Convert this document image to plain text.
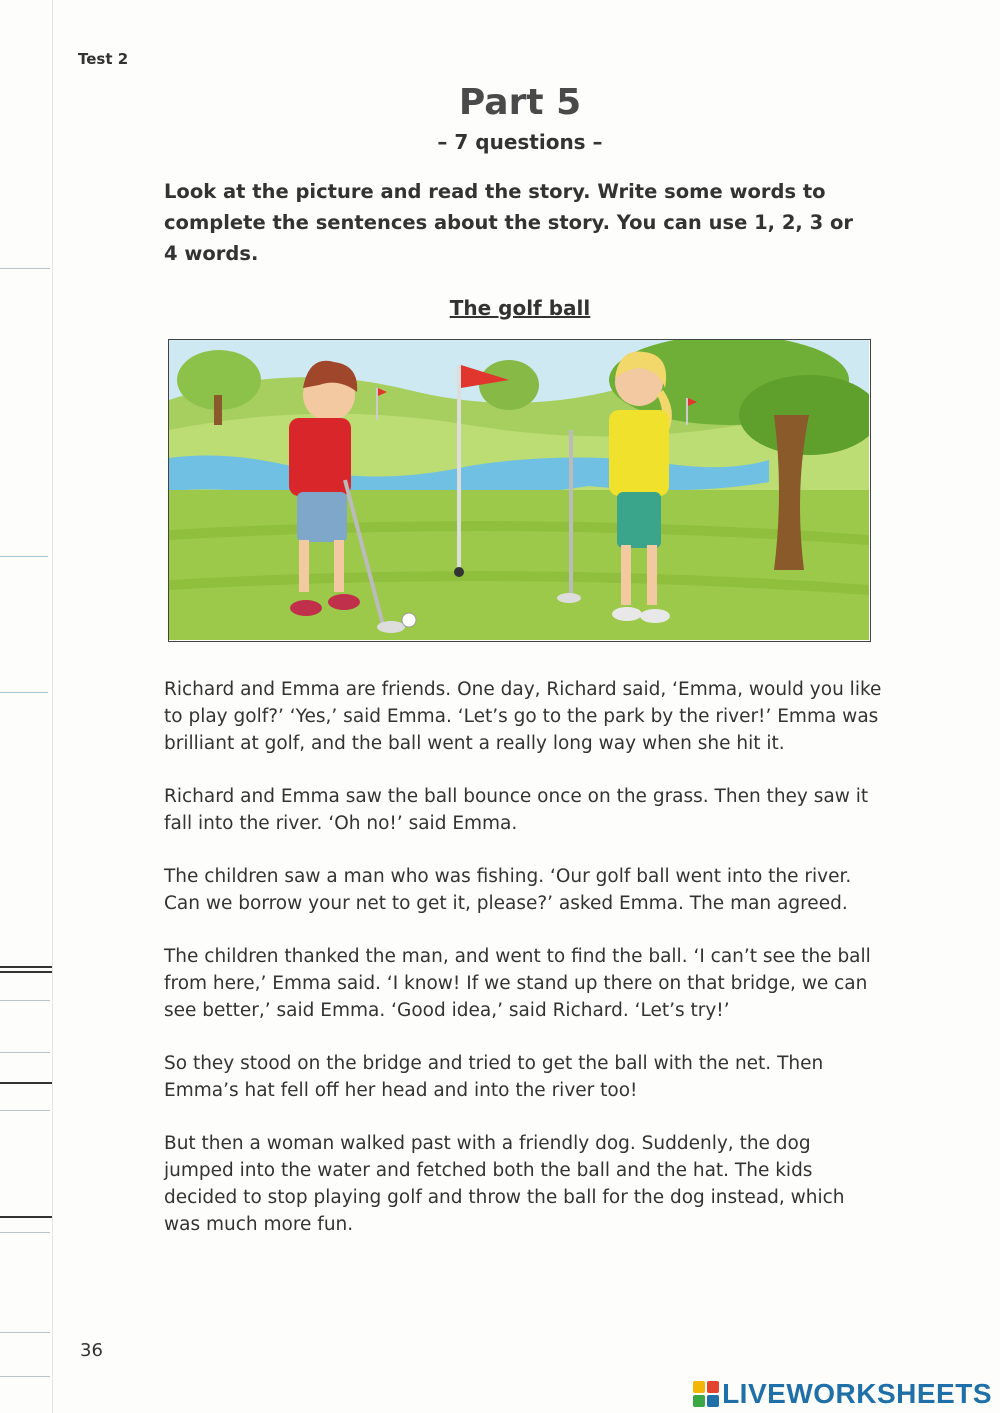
Test 2
Part 5
– 7 questions –

Look at the picture and read the story. Write some words to complete the sentences about the story. You can use 1, 2, 3 or 4 words.

The golf ball

Richard and Emma are friends. One day, Richard said, ‘Emma, would you like to play golf?’ ‘Yes,’ said Emma. ‘Let’s go to the park by the river!’ Emma was brilliant at golf, and the ball went a really long way when she hit it.

Richard and Emma saw the ball bounce once on the grass. Then they saw it fall into the river. ‘Oh no!’ said Emma.

The children saw a man who was fishing. ‘Our golf ball went into the river. Can we borrow your net to get it, please?’ asked Emma. The man agreed.

The children thanked the man, and went to find the ball. ‘I can’t see the ball from here,’ Emma said. ‘I know! If we stand up there on that bridge, we can see better,’ said Emma. ‘Good idea,’ said Richard. ‘Let’s try!’

So they stood on the bridge and tried to get the ball with the net. Then Emma’s hat fell off her head and into the river too!

But then a woman walked past with a friendly dog. Suddenly, the dog jumped into the water and fetched both the ball and the hat. The kids decided to stop playing golf and throw the ball for the dog instead, which was much more fun.

36
LIVEWORKSHEETS
